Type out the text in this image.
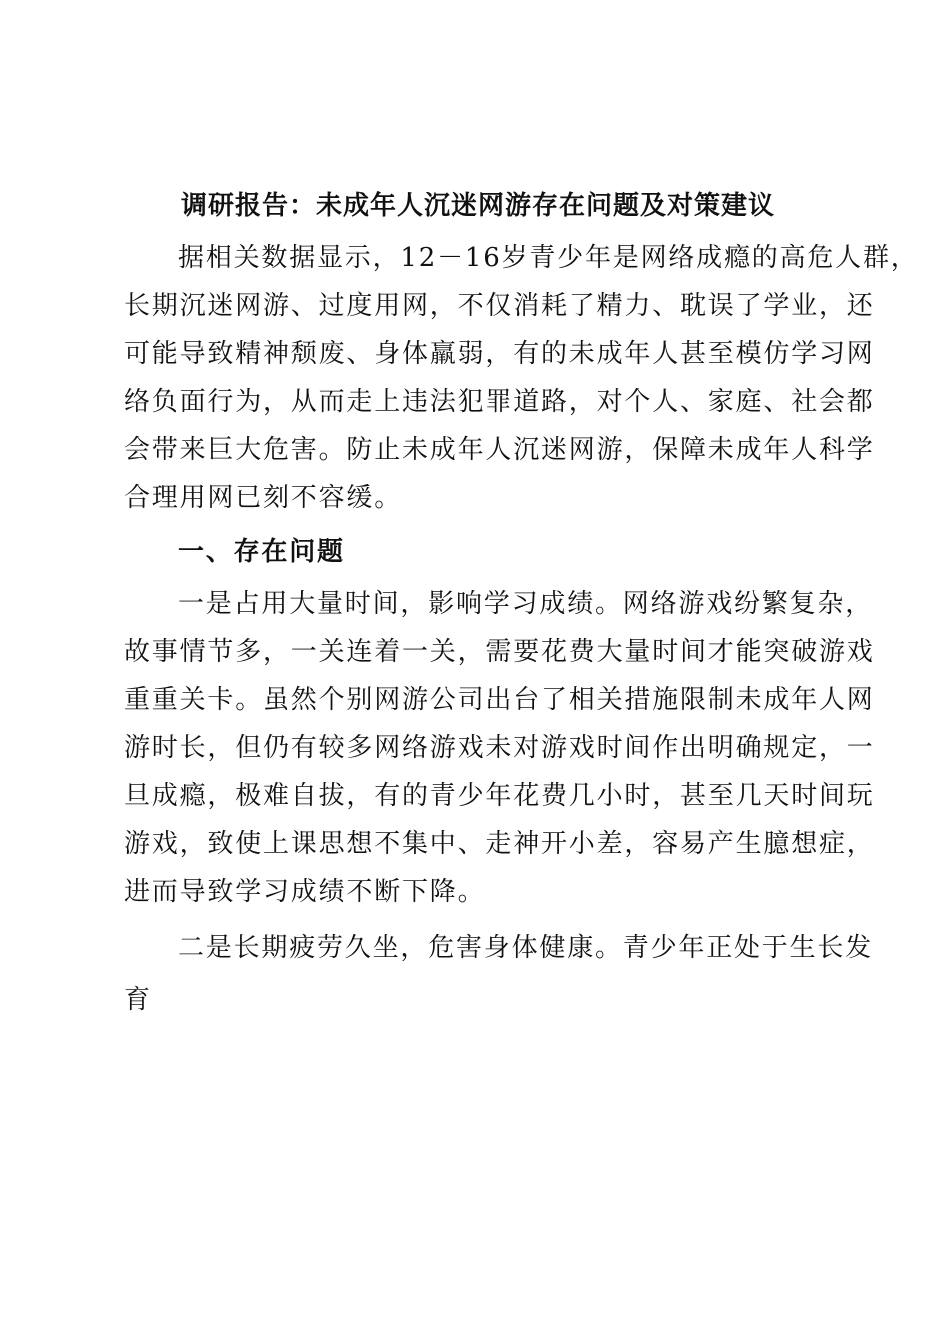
调研报告：未成年人沉迷网游存在问题及对策建议
据相关数据显示，12－16岁青少年是网络成瘾的高危人群，
长期沉迷网游、过度用网，不仅消耗了精力、耽误了学业，还
可能导致精神颓废、身体羸弱，有的未成年人甚至模仿学习网
络负面行为，从而走上违法犯罪道路，对个人、家庭、社会都
会带来巨大危害。防止未成年人沉迷网游，保障未成年人科学
合理用网已刻不容缓。
一、存在问题
一是占用大量时间，影响学习成绩。网络游戏纷繁复杂，
故事情节多，一关连着一关，需要花费大量时间才能突破游戏
重重关卡。虽然个别网游公司出台了相关措施限制未成年人网
游时长，但仍有较多网络游戏未对游戏时间作出明确规定，一
旦成瘾，极难自拔，有的青少年花费几小时，甚至几天时间玩
游戏，致使上课思想不集中、走神开小差，容易产生臆想症，
进而导致学习成绩不断下降。
二是长期疲劳久坐，危害身体健康。青少年正处于生长发
育
